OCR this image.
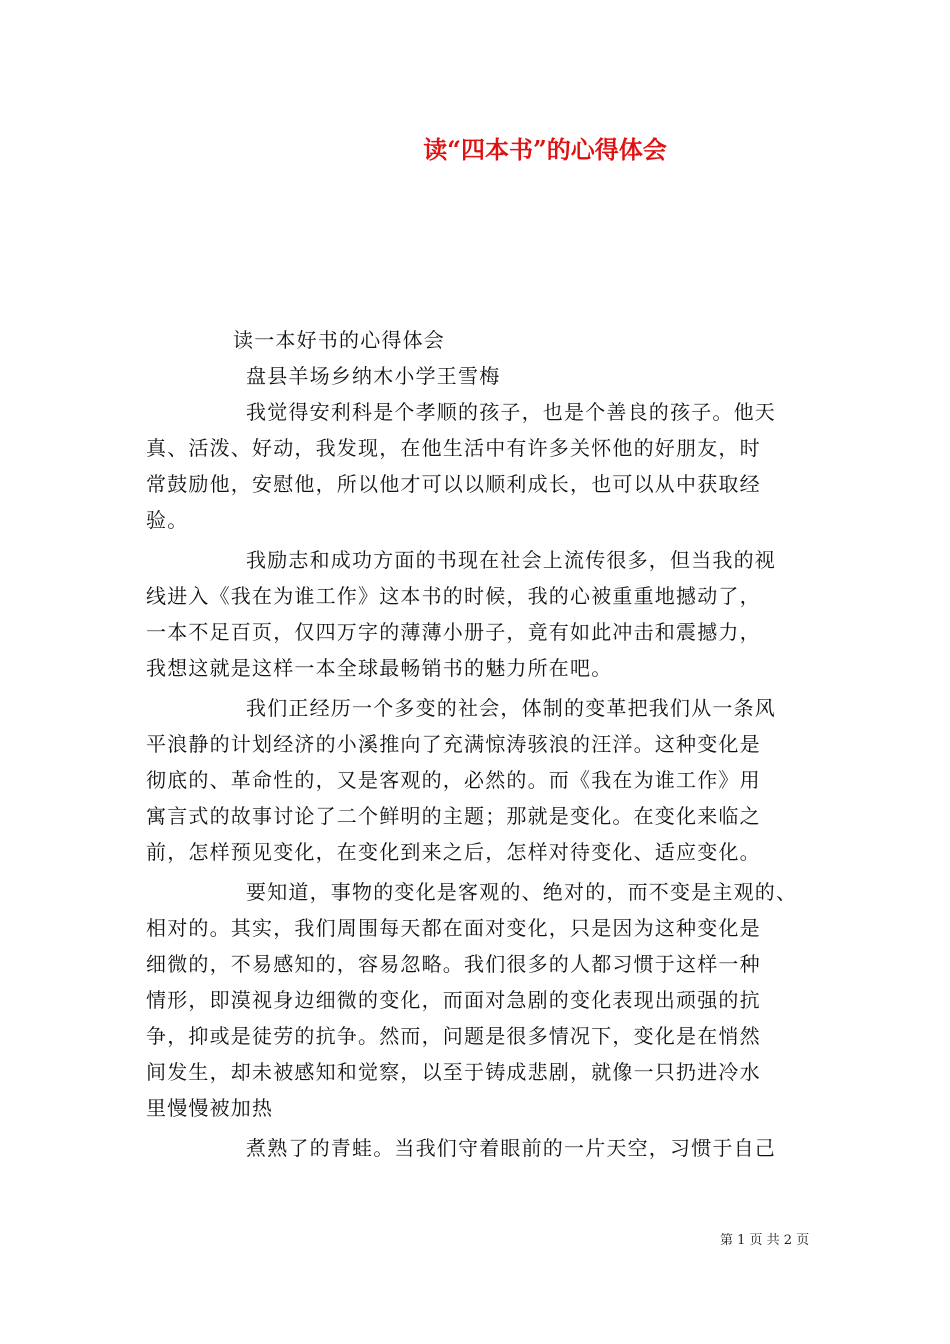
读“四本书”的心得体会
读一本好书的心得体会
盘县羊场乡纳木小学王雪梅
我觉得安利科是个孝顺的孩子，也是个善良的孩子。他天
真、活泼、好动，我发现，在他生活中有许多关怀他的好朋友，时
常鼓励他，安慰他，所以他才可以以顺利成长，也可以从中获取经
验。
我励志和成功方面的书现在社会上流传很多，但当我的视
线进入《我在为谁工作》这本书的时候，我的心被重重地撼动了，
一本不足百页，仅四万字的薄薄小册子，竟有如此冲击和震撼力，
我想这就是这样一本全球最畅销书的魅力所在吧。
我们正经历一个多变的社会，体制的变革把我们从一条风
平浪静的计划经济的小溪推向了充满惊涛骇浪的汪洋。这种变化是
彻底的、革命性的，又是客观的，必然的。而《我在为谁工作》用
寓言式的故事讨论了二个鲜明的主题；那就是变化。在变化来临之
前，怎样预见变化，在变化到来之后，怎样对待变化、适应变化。
要知道，事物的变化是客观的、绝对的，而不变是主观的、
相对的。其实，我们周围每天都在面对变化，只是因为这种变化是
细微的，不易感知的，容易忽略。我们很多的人都习惯于这样一种
情形，即漠视身边细微的变化，而面对急剧的变化表现出顽强的抗
争，抑或是徒劳的抗争。然而，问题是很多情况下，变化是在悄然
间发生，却未被感知和觉察，以至于铸成悲剧，就像一只扔进冷水
里慢慢被加热
煮熟了的青蛙。当我们守着眼前的一片天空，习惯于自己
第 1 页 共 2 页
